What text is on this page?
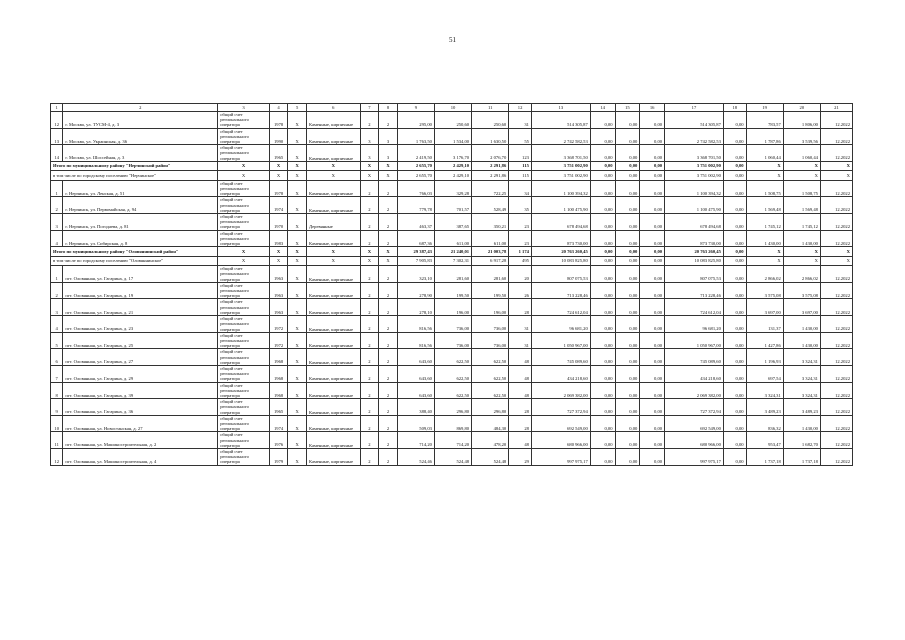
51
1	2	3	4	5	6	7	8	9	10	11	12	13	14	15	16	17	18	19	20	21
12	г. Москва, ул. ТУСМ-4, д. 3	общий счет регионального оператора	1978	Х	Каменные, кирпичные	2	2	295,00	250,60	250,60	31	514 305,87	0,00	0,00	0,00	514 305,87	0,00	783,57	1 806,00	12.2022
13	г. Москва, ул. Украинская, д. 36	общий счет регионального оператора	1990	Х	Каменные, кирпичные	3	3	1 763,50	1 534,00	1 630,50	55	2 742 582,53	0,00	0,00	0,00	2 742 582,53	0,00	1 787,86	3 539,56	12.2022
14	г. Москва, ул. Шоссейная, д. 3	общий счет регионального оператора	1965	Х	Каменные, кирпичные	3	3	2 419,50	3 176,70	2 076,70	123	3 368 701,50	0,00	0,00	0,00	3 368 701,50	0,00	1 060,44	1 060,44	12.2022
Итого по муниципальному району "Нерчинский район"		Х	Х	Х	Х	Х	Х	2 655,70	2 429,10	2 291,86	115	3 751 002,90	0,00	0,00	0,00	3 751 002,90	0,00	Х	Х	Х
в том числе по городскому поселению "Нерчинское"		Х	Х	Х	Х	Х	Х	2 655,70	2 429,10	2 291,86	115	3 751 002,90	0,00	0,00	0,00	3 751 002,90	0,00	Х	Х	Х
1	г. Нерчинск, ул. Ленская, д. 51	общий счет регионального оператора	1978	Х	Каменные, кирпичные	2	2	766,03	329,28	722,25	34	1 100 394,32	0,00	0,00	0,00	1 100 394,32	0,00	1 508,75	1 508,75	12.2022
2	г. Нерчинск, ул. Первомайская, д. 94	общий счет регионального оператора	1974	Х	Каменные, кирпичные	2	2	779,78	701,57	528,49	35	1 100 475,90	0,00	0,00	0,00	1 100 475,90	0,00	1 569,48	1 569,48	12.2022
3	г. Нерчинск, ул. Погодаева, д. 81	общий счет регионального оператора	1970	Х	Деревянные	2	2	463,37	387,65	350,21	23	678 494,68	0,00	0,00	0,00	678 494,68	0,00	1 745,12	1 745,12	12.2022
4	г. Нерчинск, ул. Сибирская, д. 8	общий счет регионального оператора	1983	Х	Каменные, кирпичные	2	2	687,36	611,00	611,00	23	873 730,00	0,00	0,00	0,00	873 730,00	0,00	1 430,00	1 430,00	12.2022
Итого по муниципальному району "Оловяннинский район"		Х	Х	Х	Х	Х	Х	29 387,43	21 240,01	21 003,78	1 174	20 763 260,45	0,00	0,00	0,00	20 763 260,45	0,00	Х	Х	Х
в том числе по городскому поселению "Оловяннинское"		Х	Х	Х	Х	Х	Х	7 905,83	7 302,31	6 917,28	495	10 083 825,80	0,00	0,00	0,00	10 083 825,80	0,00	Х	Х	Х
1	пгт. Оловянная, ул. Гагарина, д. 17	общий счет регионального оператора	1963	Х	Каменные, кирпичные	2	2	323,10	281,60	281,60	20	807 075,53	0,00	0,00	0,00	807 075,53	0,00	2 866,02	2 866,02	12.2022
2	пгт. Оловянная, ул. Гагарина, д. 19	общий счет регионального оператора	1963	Х	Каменные, кирпичные	2	2	278,90	199,50	199,50	26	713 228,46	0,00	0,00	0,00	713 228,46	0,00	3 575,08	3 575,08	12.2022
3	пгт. Оловянная, ул. Гагарина, д. 21	общий счет регионального оператора	1963	Х	Каменные, кирпичные	2	2	278,10	196,00	196,00	28	724 612,04	0,00	0,00	0,00	724 612,04	0,00	3 697,00	3 697,00	12.2022
4	пгт. Оловянная, ул. Гагарина, д. 23	общий счет регионального оператора	1972	Х	Каменные, кирпичные	2	2	816,56	736,00	736,00	31	96 681,20	0,00	0,00	0,00	96 681,20	0,00	131,37	1 430,00	12.2022
5	пгт. Оловянная, ул. Гагарина, д. 25	общий счет регионального оператора	1972	Х	Каменные, кирпичные	2	2	816,56	736,00	736,00	31	1 050 967,00	0,00	0,00	0,00	1 050 967,00	0,00	1 427,86	1 430,00	12.2022
6	пгт. Оловянная, ул. Гагарина, д. 27	общий счет регионального оператора	1968	Х	Каменные, кирпичные	2	2	643,60	622,50	622,50	48	745 089,60	0,00	0,00	0,00	745 089,60	0,00	1 196,93	3 324,31	12.2022
7	пгт. Оловянная, ул. Гагарина, д. 29	общий счет регионального оператора	1968	Х	Каменные, кирпичные	2	2	643,60	622,50	622,50	48	434 218,60	0,00	0,00	0,00	434 218,60	0,00	697,54	3 324,31	12.2022
8	пгт. Оловянная, ул. Гагарина, д. 39	общий счет регионального оператора	1968	Х	Каменные, кирпичные	2	2	643,60	622,50	622,50	48	2 069 382,00	0,00	0,00	0,00	2 069 382,00	0,00	3 324,31	3 324,31	12.2022
9	пгт. Оловянная, ул. Гагарина, д. 36	общий счет регионального оператора	1965	Х	Каменные, кирпичные	2	2	388,40	296,80	296,80	28	727 372,94	0,00	0,00	0,00	727 372,94	0,00	3 489,23	3 489,23	12.2022
10	пгт. Оловянная, ул. Новостанская, д. 27	общий счет регионального оператора	1974	Х	Каменные, кирпичные	2	2	509,03	869,80	484,30	28	692 549,00	0,00	0,00	0,00	692 549,00	0,00	836,32	1 430,00	12.2022
11	пгт. Оловянная, ул. Машиностроительная, д. 2	общий счет регионального оператора	1976	Х	Каменные, кирпичные	2	2	714,20	714,20	478,20	48	680 966,00	0,00	0,00	0,00	680 966,00	0,00	953,47	1 682,70	12.2022
12	пгт. Оловянная, ул. Машиностроительная, д. 4	общий счет регионального оператора	1979	Х	Каменные, кирпичные	2	2	524,46	524,48	524,48	29	997 975,17	0,00	0,00	0,00	997 975,17	0,00	1 737,18	1 737,18	12.2022
